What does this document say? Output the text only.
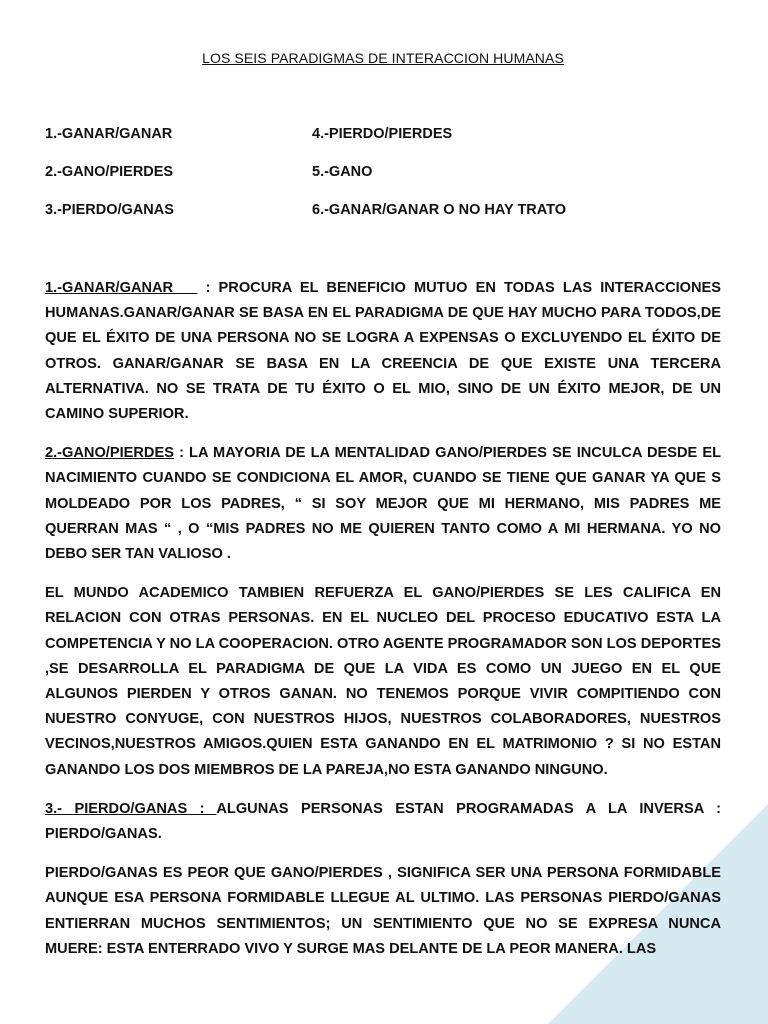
LOS SEIS PARADIGMAS DE INTERACCION HUMANAS
1.-GANAR/GANAR	4.-PIERDO/PIERDES
2.-GANO/PIERDES	5.-GANO
3.-PIERDO/GANAS	6.-GANAR/GANAR O NO HAY TRATO

1.-GANAR/GANAR    : PROCURA EL BENEFICIO MUTUO EN TODAS LAS INTERACCIONES HUMANAS.GANAR/GANAR SE BASA EN EL PARADIGMA DE QUE HAY MUCHO PARA TODOS,DE QUE EL ÉXITO DE UNA PERSONA NO SE LOGRA A EXPENSAS O EXCLUYENDO EL ÉXITO DE OTROS. GANAR/GANAR SE BASA EN LA CREENCIA DE QUE EXISTE UNA TERCERA ALTERNATIVA. NO SE TRATA DE TU ÉXITO O EL MIO, SINO DE UN ÉXITO MEJOR, DE UN CAMINO SUPERIOR.

2.-GANO/PIERDES : LA MAYORIA DE LA MENTALIDAD GANO/PIERDES SE INCULCA DESDE EL NACIMIENTO CUANDO SE CONDICIONA EL AMOR, CUANDO SE TIENE QUE GANAR YA QUE S MOLDEADO POR LOS PADRES, “ SI SOY MEJOR QUE MI HERMANO, MIS PADRES ME QUERRAN MAS “ , O “MIS PADRES NO ME QUIEREN TANTO COMO A MI HERMANA. YO NO DEBO SER TAN VALIOSO .

EL MUNDO ACADEMICO TAMBIEN REFUERZA EL GANO/PIERDES SE LES CALIFICA EN RELACION CON OTRAS PERSONAS. EN EL NUCLEO DEL PROCESO EDUCATIVO ESTA LA COMPETENCIA Y NO LA COOPERACION. OTRO AGENTE PROGRAMADOR SON LOS DEPORTES ,SE DESARROLLA EL PARADIGMA DE QUE LA VIDA ES COMO UN JUEGO EN EL QUE ALGUNOS PIERDEN Y OTROS GANAN. NO TENEMOS PORQUE VIVIR COMPITIENDO CON NUESTRO CONYUGE, CON NUESTROS HIJOS, NUESTROS COLABORADORES, NUESTROS VECINOS,NUESTROS AMIGOS.QUIEN ESTA GANANDO EN EL MATRIMONIO ? SI NO ESTAN GANANDO LOS DOS MIEMBROS DE LA PAREJA,NO ESTA GANANDO NINGUNO.

3.- PIERDO/GANAS : ALGUNAS PERSONAS ESTAN PROGRAMADAS A LA INVERSA : PIERDO/GANAS.

PIERDO/GANAS ES PEOR QUE GANO/PIERDES , SIGNIFICA SER UNA PERSONA FORMIDABLE AUNQUE ESA PERSONA FORMIDABLE LLEGUE AL ULTIMO. LAS PERSONAS PIERDO/GANAS ENTIERRAN MUCHOS SENTIMIENTOS; UN SENTIMIENTO QUE NO SE EXPRESA NUNCA MUERE: ESTA ENTERRADO VIVO Y SURGE MAS DELANTE DE LA PEOR MANERA. LAS
